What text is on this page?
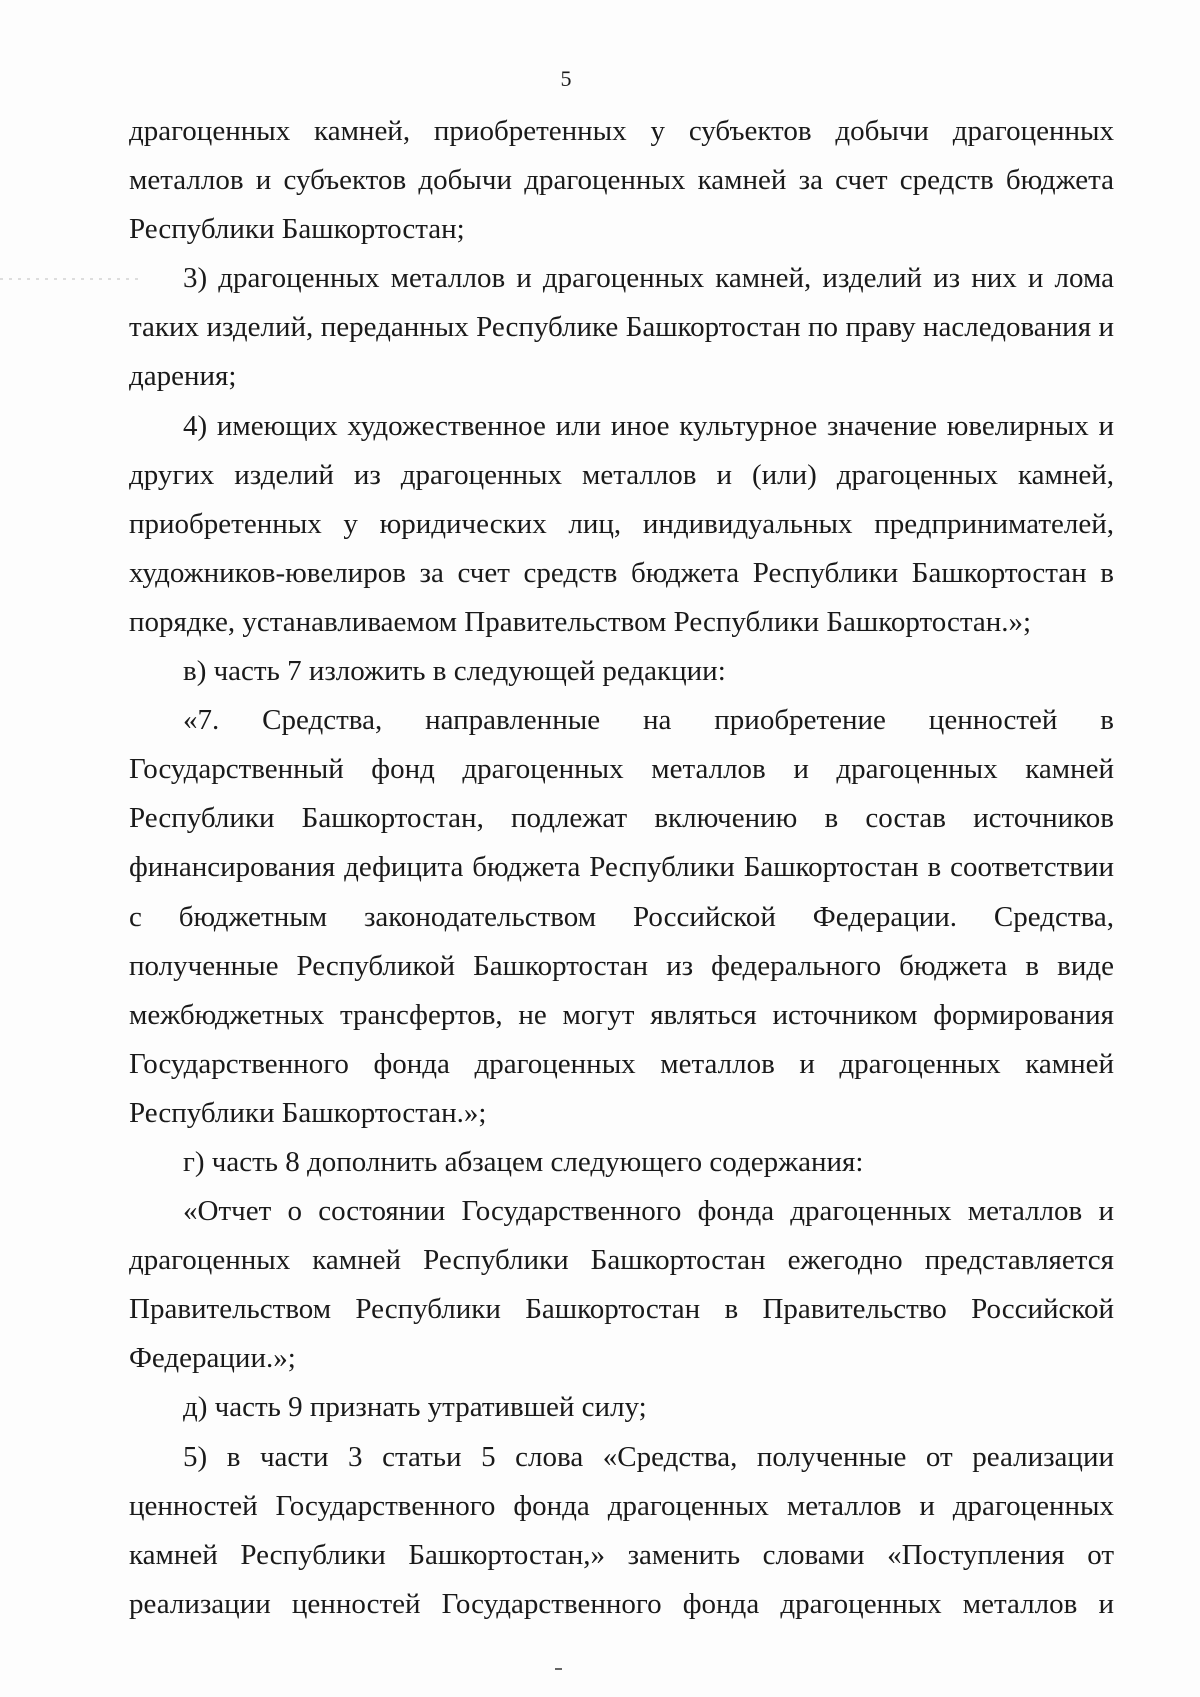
5

драгоценных камней, приобретенных у субъектов добычи драгоценных металлов и субъектов добычи драгоценных камней за счет средств бюджета Республики Башкортостан;

3) драгоценных металлов и драгоценных камней, изделий из них и лома таких изделий, переданных Республике Башкортостан по праву наследования и дарения;

4) имеющих художественное или иное культурное значение ювелирных и других изделий из драгоценных металлов и (или) драгоценных камней, приобретенных у юридических лиц, индивидуальных предпринимателей, художников-ювелиров за счет средств бюджета Республики Башкортостан в порядке, устанавливаемом Правительством Республики Башкортостан.»;

в) часть 7 изложить в следующей редакции:

«7. Средства, направленные на приобретение ценностей в Государственный фонд драгоценных металлов и драгоценных камней Республики Башкортостан, подлежат включению в состав источников финансирования дефицита бюджета Республики Башкортостан в соответствии с бюджетным законодательством Российской Федерации. Средства, полученные Республикой Башкортостан из федерального бюджета в виде межбюджетных трансфертов, не могут являться источником формирования Государственного фонда драгоценных металлов и драгоценных камней Республики Башкортостан.»;

г) часть 8 дополнить абзацем следующего содержания:

«Отчет о состоянии Государственного фонда драгоценных металлов и драгоценных камней Республики Башкортостан ежегодно представляется Правительством Республики Башкортостан в Правительство Российской Федерации.»;

д) часть 9 признать утратившей силу;

5) в части 3 статьи 5 слова «Средства, полученные от реализации ценностей Государственного фонда драгоценных металлов и драгоценных камней Республики Башкортостан,» заменить словами «Поступления от реализации ценностей Государственного фонда драгоценных металлов и
